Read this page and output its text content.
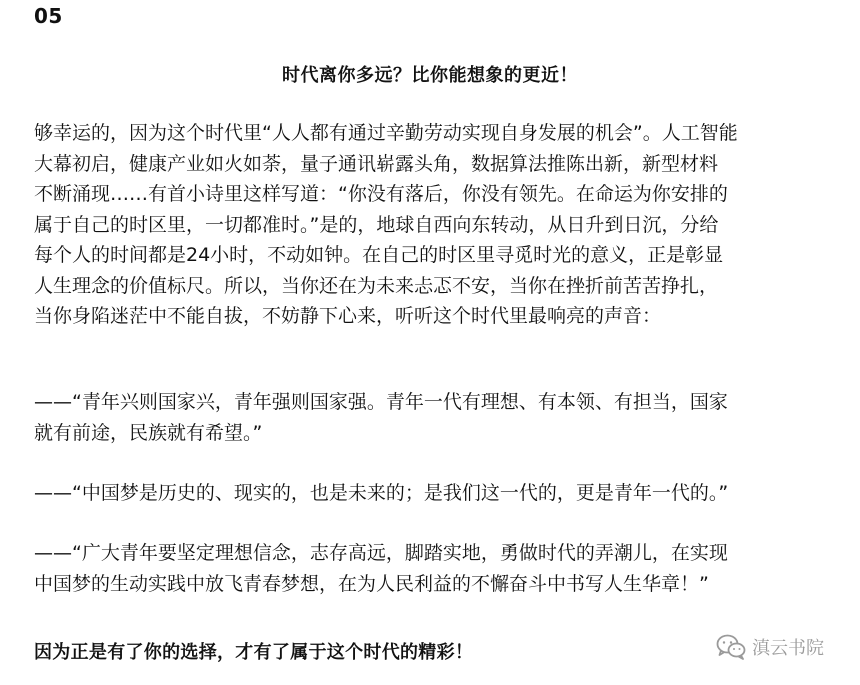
05
时代离你多远？比你能想象的更近！

够幸运的，因为这个时代里“人人都有通过辛勤劳动实现自身发展的机会”。人工智能
大幕初启，健康产业如火如荼，量子通讯崭露头角，数据算法推陈出新，新型材料
不断涌现……有首小诗里这样写道：“你没有落后，你没有领先。在命运为你安排的
属于自己的时区里，一切都准时。”是的，地球自西向东转动，从日升到日沉，分给
每个人的时间都是24小时，不动如钟。在自己的时区里寻觅时光的意义，正是彰显
人生理念的价值标尺。所以，当你还在为未来忐忑不安，当你在挫折前苦苦挣扎，
当你身陷迷茫中不能自拔，不妨静下心来，听听这个时代里最响亮的声音：

——“青年兴则国家兴，青年强则国家强。青年一代有理想、有本领、有担当，国家
就有前途，民族就有希望。”

——“中国梦是历史的、现实的，也是未来的；是我们这一代的，更是青年一代的。”

——“广大青年要坚定理想信念，志存高远，脚踏实地，勇做时代的弄潮儿，在实现
中国梦的生动实践中放飞青春梦想，在为人民利益的不懈奋斗中书写人生华章！”

因为正是有了你的选择，才有了属于这个时代的精彩！	滇云书院
